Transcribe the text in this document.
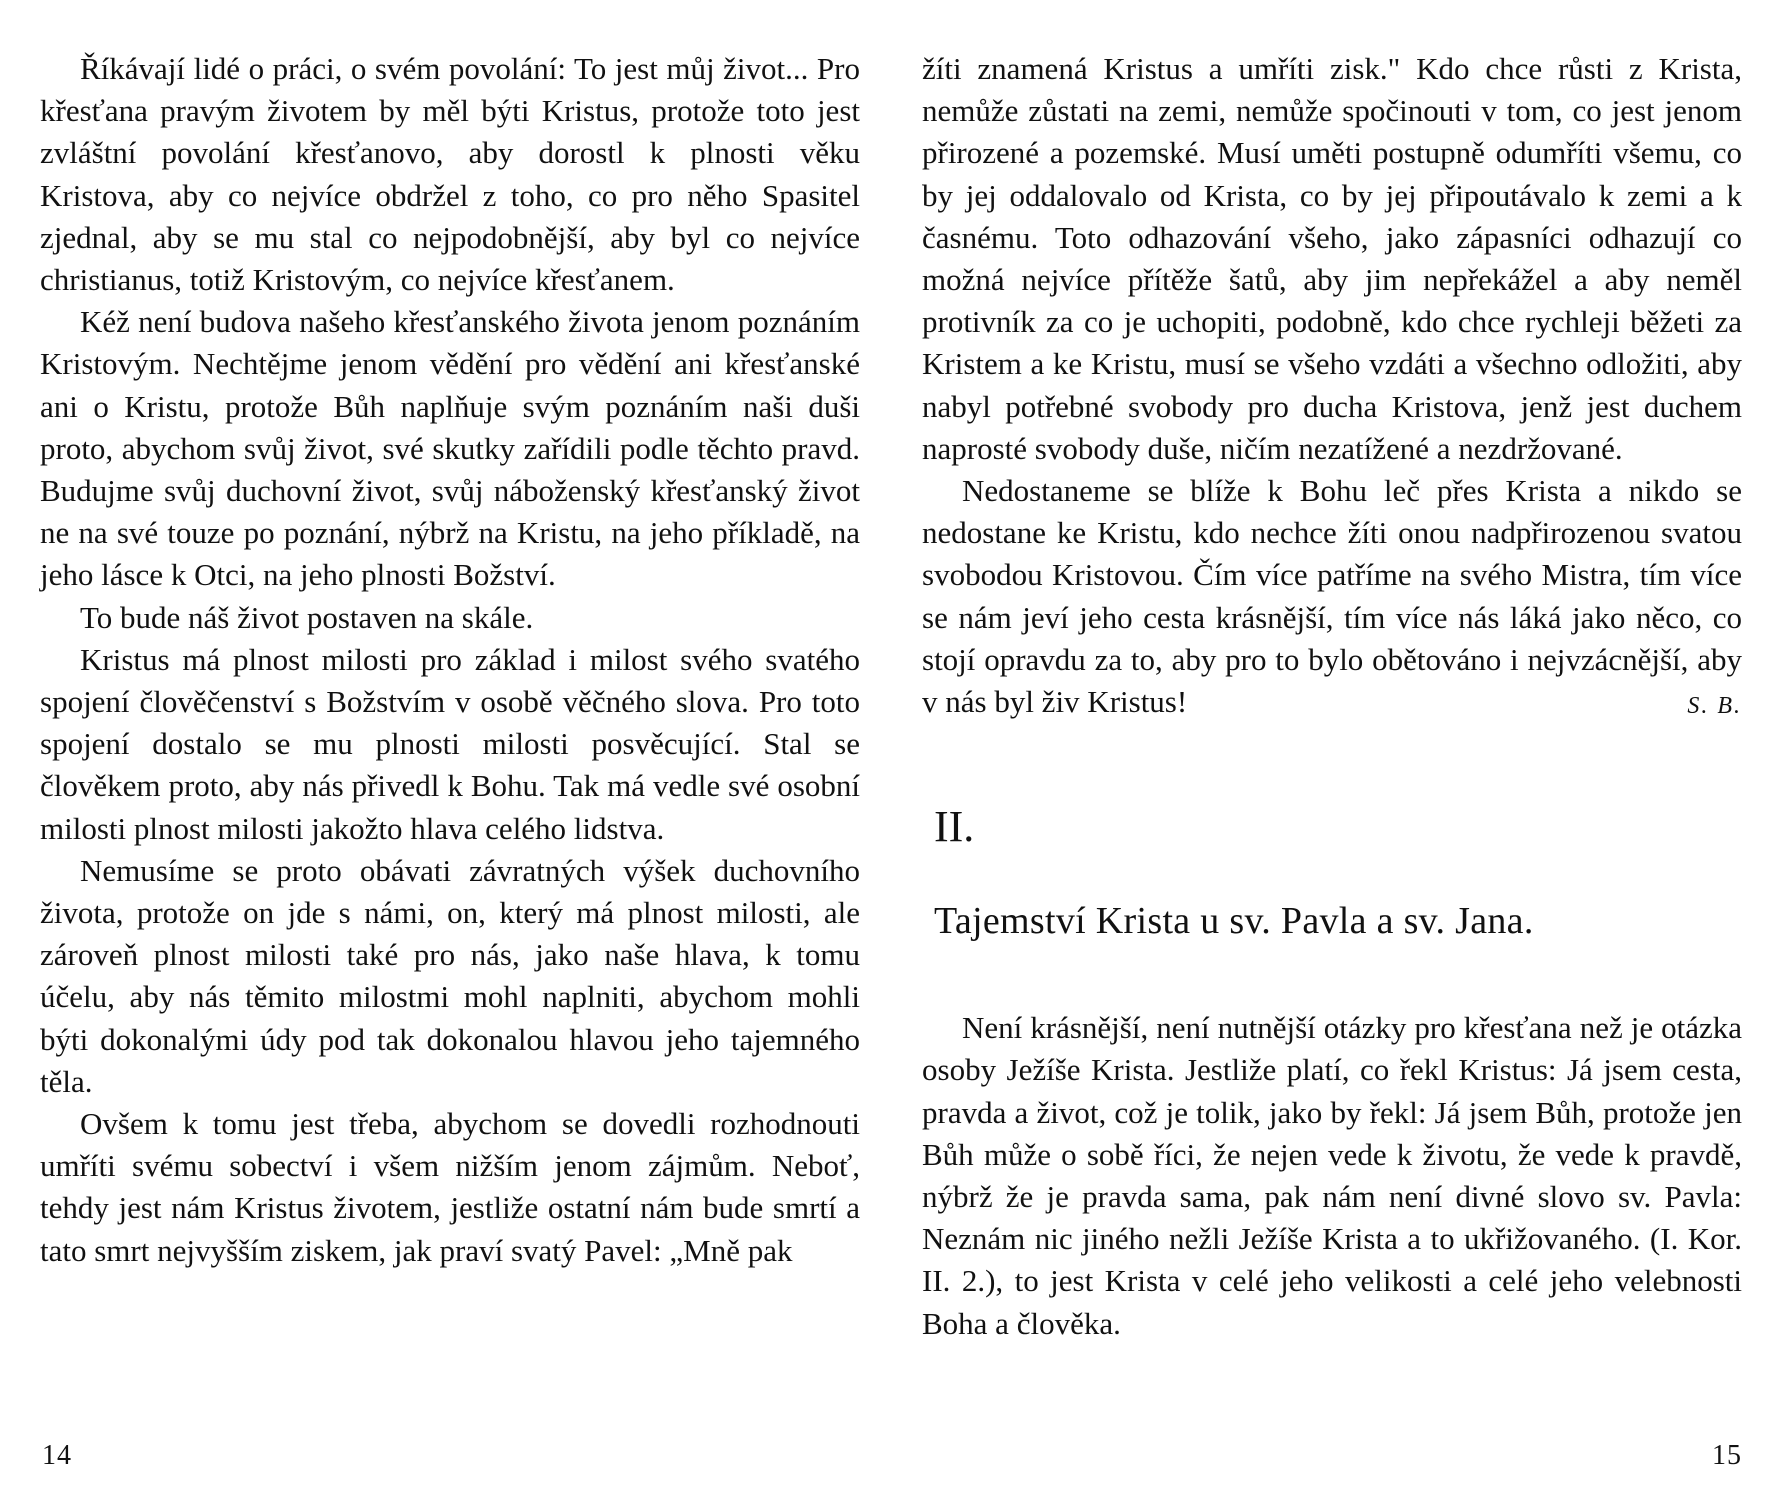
Říkávají lidé o práci, o svém povolání: To jest můj život... Pro křesťana pravým životem by měl býti Kristus, protože toto jest zvláštní povolání křesťanovo, aby dorostl k plnosti věku Kristova, aby co nejvíce obdržel z toho, co pro něho Spasitel zjednal, aby se mu stal co nejpodobnější, aby byl co nejvíce christianus, totiž Kristovým, co nejvíce křesťanem.

Kéž není budova našeho křesťanského života jenom poznáním Kristovým. Nechtějme jenom vědění pro vědění ani křesťanské ani o Kristu, protože Bůh naplňuje svým poznáním naši duši proto, abychom svůj život, své skutky zařídili podle těchto pravd. Budujme svůj duchovní život, svůj náboženský křesťanský život ne na své touze po poznání, nýbrž na Kristu, na jeho příkladě, na jeho lásce k Otci, na jeho plnosti Božství.

To bude náš život postaven na skále.

Kristus má plnost milosti pro základ i milost svého svatého spojení člověčenství s Božstvím v osobě věčného slova. Pro toto spojení dostalo se mu plnosti milosti posvěcující. Stal se člověkem proto, aby nás přivedl k Bohu. Tak má vedle své osobní milosti plnost milosti jakožto hlava celého lidstva.

Nemusíme se proto obávati závratných výšek duchovního života, protože on jde s námi, on, který má plnost milosti, ale zároveň plnost milosti také pro nás, jako naše hlava, k tomu účelu, aby nás těmito milostmi mohl naplniti, abychom mohli býti dokonalými údy pod tak dokonalou hlavou jeho tajemného těla.

Ovšem k tomu jest třeba, abychom se dovedli rozhodnouti umříti svému sobectví i všem nižším jenom zájmům. Neboť, tehdy jest nám Kristus životem, jestliže ostatní nám bude smrtí a tato smrt nejvyšším ziskem, jak praví svatý Pavel: „Mně pak

14

žíti znamená Kristus a umříti zisk." Kdo chce růsti z Krista, nemůže zůstati na zemi, nemůže spočinouti v tom, co jest jenom přirozené a pozemské. Musí uměti postupně odumříti všemu, co by jej oddalovalo od Krista, co by jej připoutávalo k zemi a k časnému. Toto odhazování všeho, jako zápasníci odhazují co možná nejvíce přítěže šatů, aby jim nepřekážel a aby neměl protivník za co je uchopiti, podobně, kdo chce rychleji běžeti za Kristem a ke Kristu, musí se všeho vzdáti a všechno odložiti, aby nabyl potřebné svobody pro ducha Kristova, jenž jest duchem naprosté svobody duše, ničím nezatížené a nezdržované.

Nedostaneme se blíže k Bohu leč přes Krista a nikdo se nedostane ke Kristu, kdo nechce žíti onou nadpřirozenou svatou svobodou Kristovou. Čím více patříme na svého Mistra, tím více se nám jeví jeho cesta krásnější, tím více nás láká jako něco, co stojí opravdu za to, aby pro to bylo obětováno i nejvzácnější, aby v nás byl živ Kristus!	S. B.

II.
Tajemství Krista u sv. Pavla a sv. Jana.

Není krásnější, není nutnější otázky pro křesťana než je otázka osoby Ježíše Krista. Jestliže platí, co řekl Kristus: Já jsem cesta, pravda a život, což je tolik, jako by řekl: Já jsem Bůh, protože jen Bůh může o sobě říci, že nejen vede k životu, že vede k pravdě, nýbrž že je pravda sama, pak nám není divné slovo sv. Pavla: Neznám nic jiného nežli Ježíše Krista a to ukřižovaného. (I. Kor. II. 2.), to jest Krista v celé jeho velikosti a celé jeho velebnosti Boha a člověka.

15
